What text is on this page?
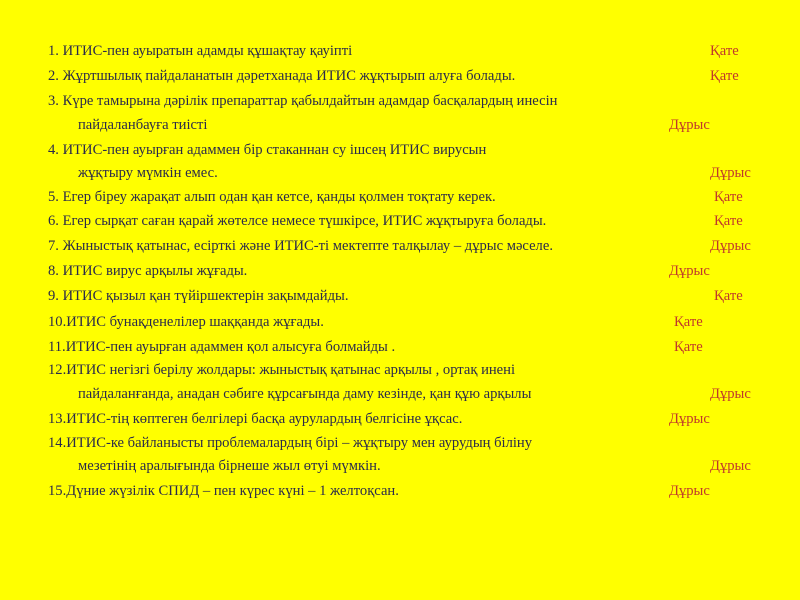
1. ИТИС-пен ауыратын адамды құшақтау қауіпті	Қате
2. Жұртшылық пайдаланатын дәретханада ИТИС жұқтырып алуға болады.	Қате
3. Күре тамырына дәрілік препараттар қабылдайтын адамдар басқалардың инесін
пайдаланбауға тиісті	Дұрыс
4. ИТИС-пен ауырған адаммен бір стаканнан су ішсең ИТИС вирусын
жұқтыру мүмкін емес.	Дұрыс
5. Егер біреу жарақат алып одан қан кетсе, қанды қолмен тоқтату керек.	Қате
6. Егер сырқат саған қарай жөтелсе немесе түшкірсе, ИТИС жұқтыруға болады.	Қате
7. Жыныстық қатынас, есірткі және ИТИС-ті мектепте талқылау – дұрыс мәселе.	Дұрыс
8. ИТИС вирус арқылы жұғады.	Дұрыс
9. ИТИС қызыл қан түйіршектерін зақымдайды.	Қате
10.ИТИС бунақденелілер шаққанда жұғады.	Қате
11.ИТИС-пен ауырған адаммен қол алысуға болмайды .	Қате
12.ИТИС негізгі берілу жолдары: жыныстық қатынас арқылы , ортақ инені
пайдаланғанда, анадан сәбиге құрсағында даму кезінде, қан құю арқылы	Дұрыс
13.ИТИС-тің көптеген белгілері басқа аурулардың белгісіне ұқсас.	Дұрыс
14.ИТИС-ке байланысты проблемалардың бірі – жұқтыру мен аурудың біліну
мезетінің аралығында бірнеше жыл өтуі мүмкін.	Дұрыс
15.Дүние жүзілік СПИД – пен күрес күні – 1 желтоқсан.	Дұрыс
